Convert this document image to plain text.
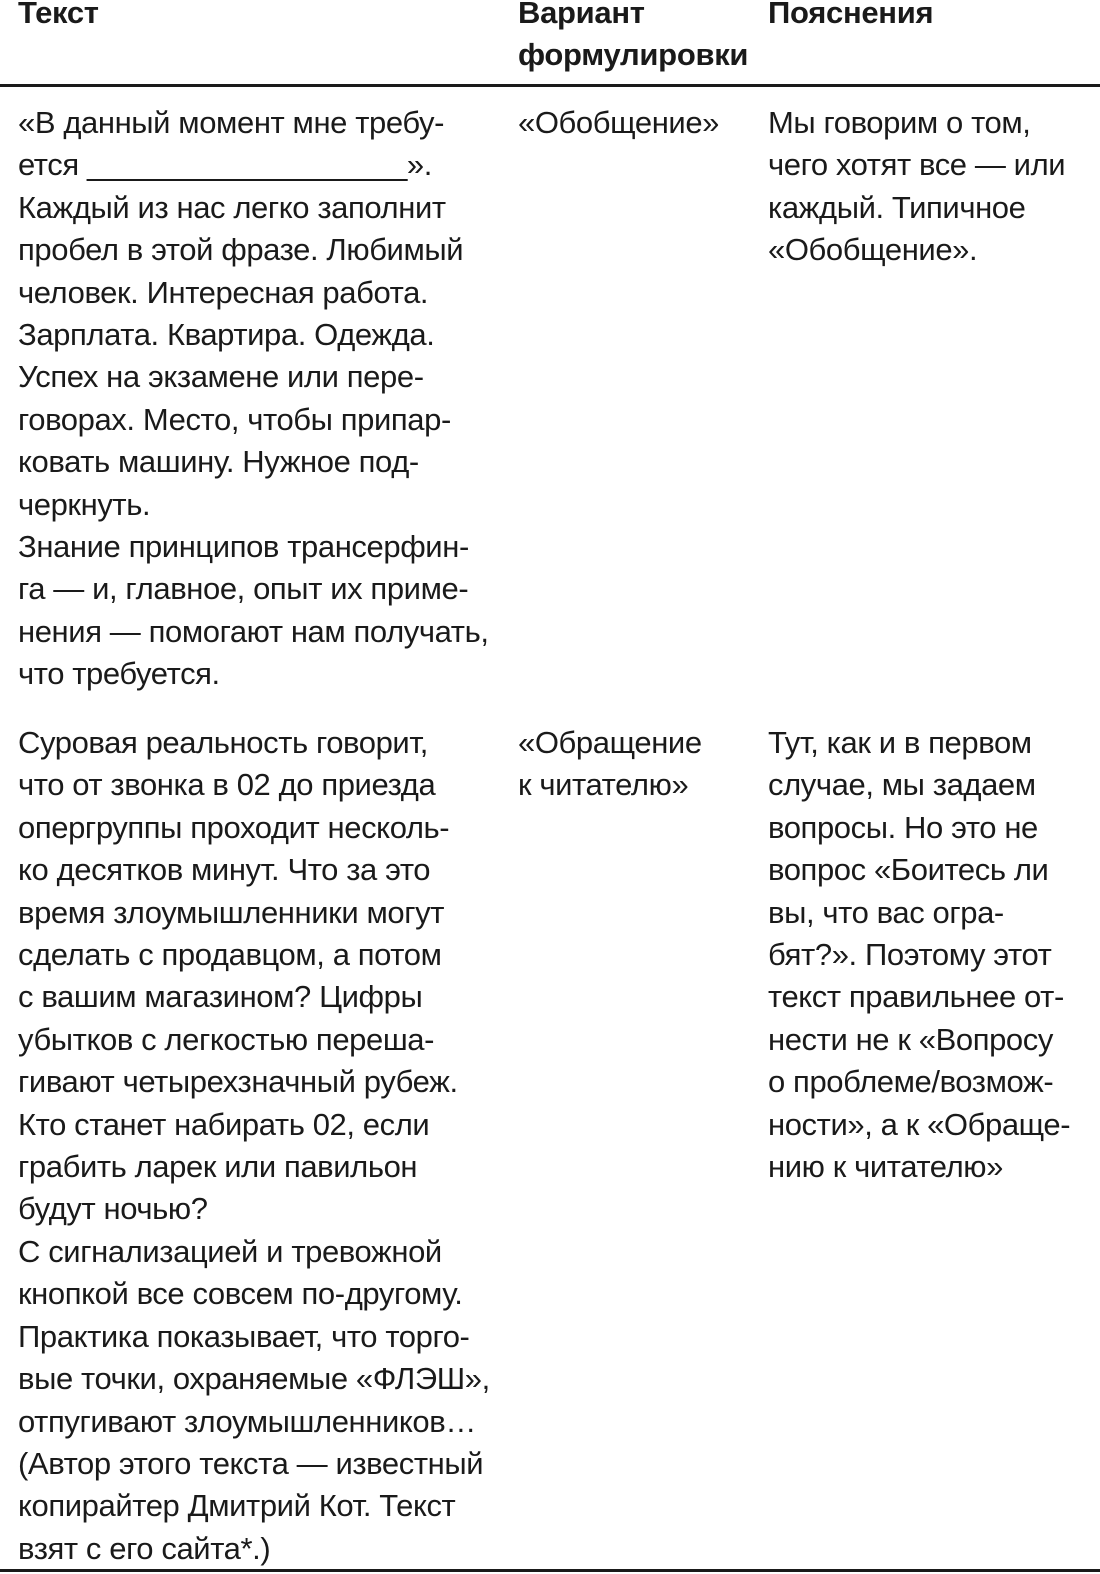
Текст	Вариант
формулировки
Пояснения
«В данный момент мне требу-
ется ___________________».
Каждый из нас легко заполнит
пробел в этой фразе. Любимый
человек. Интересная работа.
Зарплата. Квартира. Одежда.
Успех на экзамене или пере-
говорах. Место, чтобы припар-
ковать машину. Нужное под-
черкнуть.
Знание принципов трансерфин-
га — и, главное, опыт их приме-
нения — помогают нам получать,
что требуется.
«Обобщение»	Мы говорим о том,
чего хотят все — или
каждый. Типичное
«Обобщение».
Суровая реальность говорит,
что от звонка в 02 до приезда
опергруппы проходит несколь-
ко десятков минут. Что за это
время злоумышленники могут
сделать с продавцом, а потом
с вашим магазином? Цифры
убытков с легкостью переша-
гивают четырехзначный рубеж.
Кто станет набирать 02, если
грабить ларек или павильон
будут ночью?
С сигнализацией и тревожной
кнопкой все совсем по-другому.
Практика показывает, что торго-
вые точки, охраняемые «ФЛЭШ»,
отпугивают злоумышленников…
(Автор этого текста — известный
копирайтер Дмитрий Кот. Текст
взят с его сайта*.)
«Обращение
к читателю»
Тут, как и в первом
случае, мы задаем
вопросы. Но это не
вопрос «Боитесь ли
вы, что вас огра-
бят?». Поэтому этот
текст правильнее от-
нести не к «Вопросу
о проблеме/возмож-
ности», а к «Обраще-
нию к читателю»
